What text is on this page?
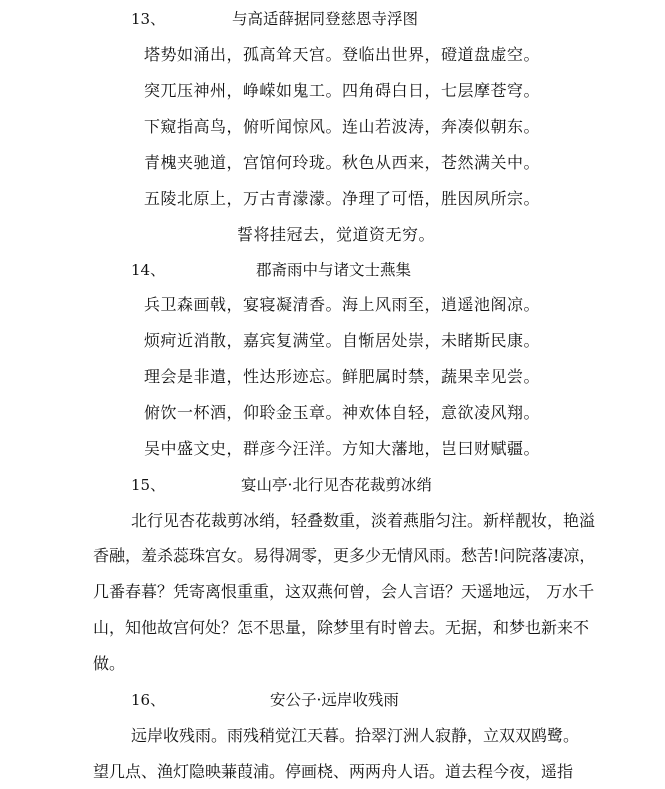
13、	与高适薛据同登慈恩寺浮图
塔势如涌出，孤高耸天宫。登临出世界，磴道盘虚空。
突兀压神州，峥嵘如鬼工。四角碍白日，七层摩苍穹。
下窥指高鸟，俯听闻惊风。连山若波涛，奔凑似朝东。
青槐夹驰道，宫馆何玲珑。秋色从西来，苍然满关中。
五陵北原上，万古青濛濛。净理了可悟，胜因夙所宗。
誓将挂冠去，觉道资无穷。
14、	郡斋雨中与诸文士燕集
兵卫森画戟，宴寝凝清香。海上风雨至，逍遥池阁凉。
烦疴近消散，嘉宾复满堂。自惭居处崇，未睹斯民康。
理会是非遣，性达形迹忘。鲜肥属时禁，蔬果幸见尝。
俯饮一杯酒，仰聆金玉章。神欢体自轻，意欲凌风翔。
吴中盛文史，群彦今汪洋。方知大藩地，岂曰财赋疆。
15、	宴山亭·北行见杏花裁剪冰绡
北行见杏花裁剪冰绡，轻叠数重，淡着燕脂匀注。新样靓妆，艳溢
香融，羞杀蕊珠宫女。易得凋零，更多少无情风雨。愁苦!问院落凄凉，
几番春暮？凭寄离恨重重，这双燕何曾，会人言语？天遥地远， 万水千
山，知他故宫何处？怎不思量，除梦里有时曾去。无据，和梦也新来不
做。
16、	安公子·远岸收残雨
远岸收残雨。雨残稍觉江天暮。拾翠汀洲人寂静，立双双鸥鹭。
望几点、渔灯隐映蒹葭浦。停画桡、两两舟人语。道去程今夜，遥指
